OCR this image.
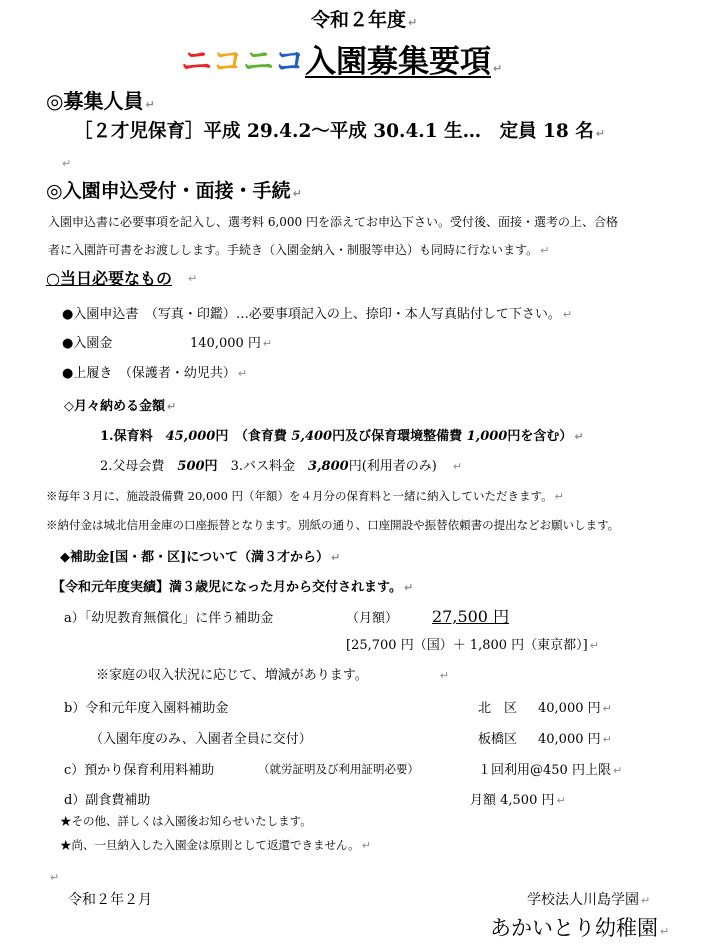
令和２年度 ↵
ニコニコ入園募集要項 ↵
◎募集人員 ↵
［２才児保育］平成 29.4.2～平成 30.4.1 生…　定員 18 名 ↵
↵
◎入園申込受付・面接・手続 ↵
入園申込書に必要事項を記入し、選考料 6,000 円を添えてお申込下さい。受付後、面接・選考の上、合格
者に入園許可書をお渡しします。手続き（入園金納入・制服等申込）も同時に行ないます。 ↵
○当日必要なもの ↵
●入園申込書　（写真・印鑑）…必要事項記入の上、捺印・本人写真貼付して下さい。 ↵
●入園金	140,000 円 ↵
●上履き　（保護者・幼児共） ↵
◇月々納める金額 ↵
1.保育料　45,000円　（食育費 5,400円及び保育環境整備費 1,000円を含む） ↵
2.父母会費　500円　3.バス料金　3,800円(利用者のみ) ↵
※毎年３月に、施設設備費 20,000 円（年額）を４月分の保育料と一緒に納入していただきます。 ↵
※納付金は城北信用金庫の口座振替となります。別紙の通り、口座開設や振替依頼書の提出などお願いします。
◆補助金[国・都・区]について（満３才から） ↵
【令和元年度実績】満３歳児になった月から交付されます。 ↵
a）「幼児教育無償化」に伴う補助金	（月額） 27,500 円
[25,700 円（国）＋ 1,800 円（東京都）] ↵
※家庭の収入状況に応じて、増減があります。	↵
b）令和元年度入園料補助金	北　区 40,000 円 ↵
（入園年度のみ、入園者全員に交付）	板橋区 40,000 円 ↵
c）預かり保育利用料補助	（就労証明及び利用証明必要）	１回利用@450 円上限 ↵
d）副食費補助	月額 4,500 円 ↵
★その他、詳しくは入園後お知らせいたします。
★尚、一旦納入した入園金は原則として返還できません。 ↵
↵
令和２年２月	学校法人川島学園 ↵
あかいとり幼稚園 ↵
